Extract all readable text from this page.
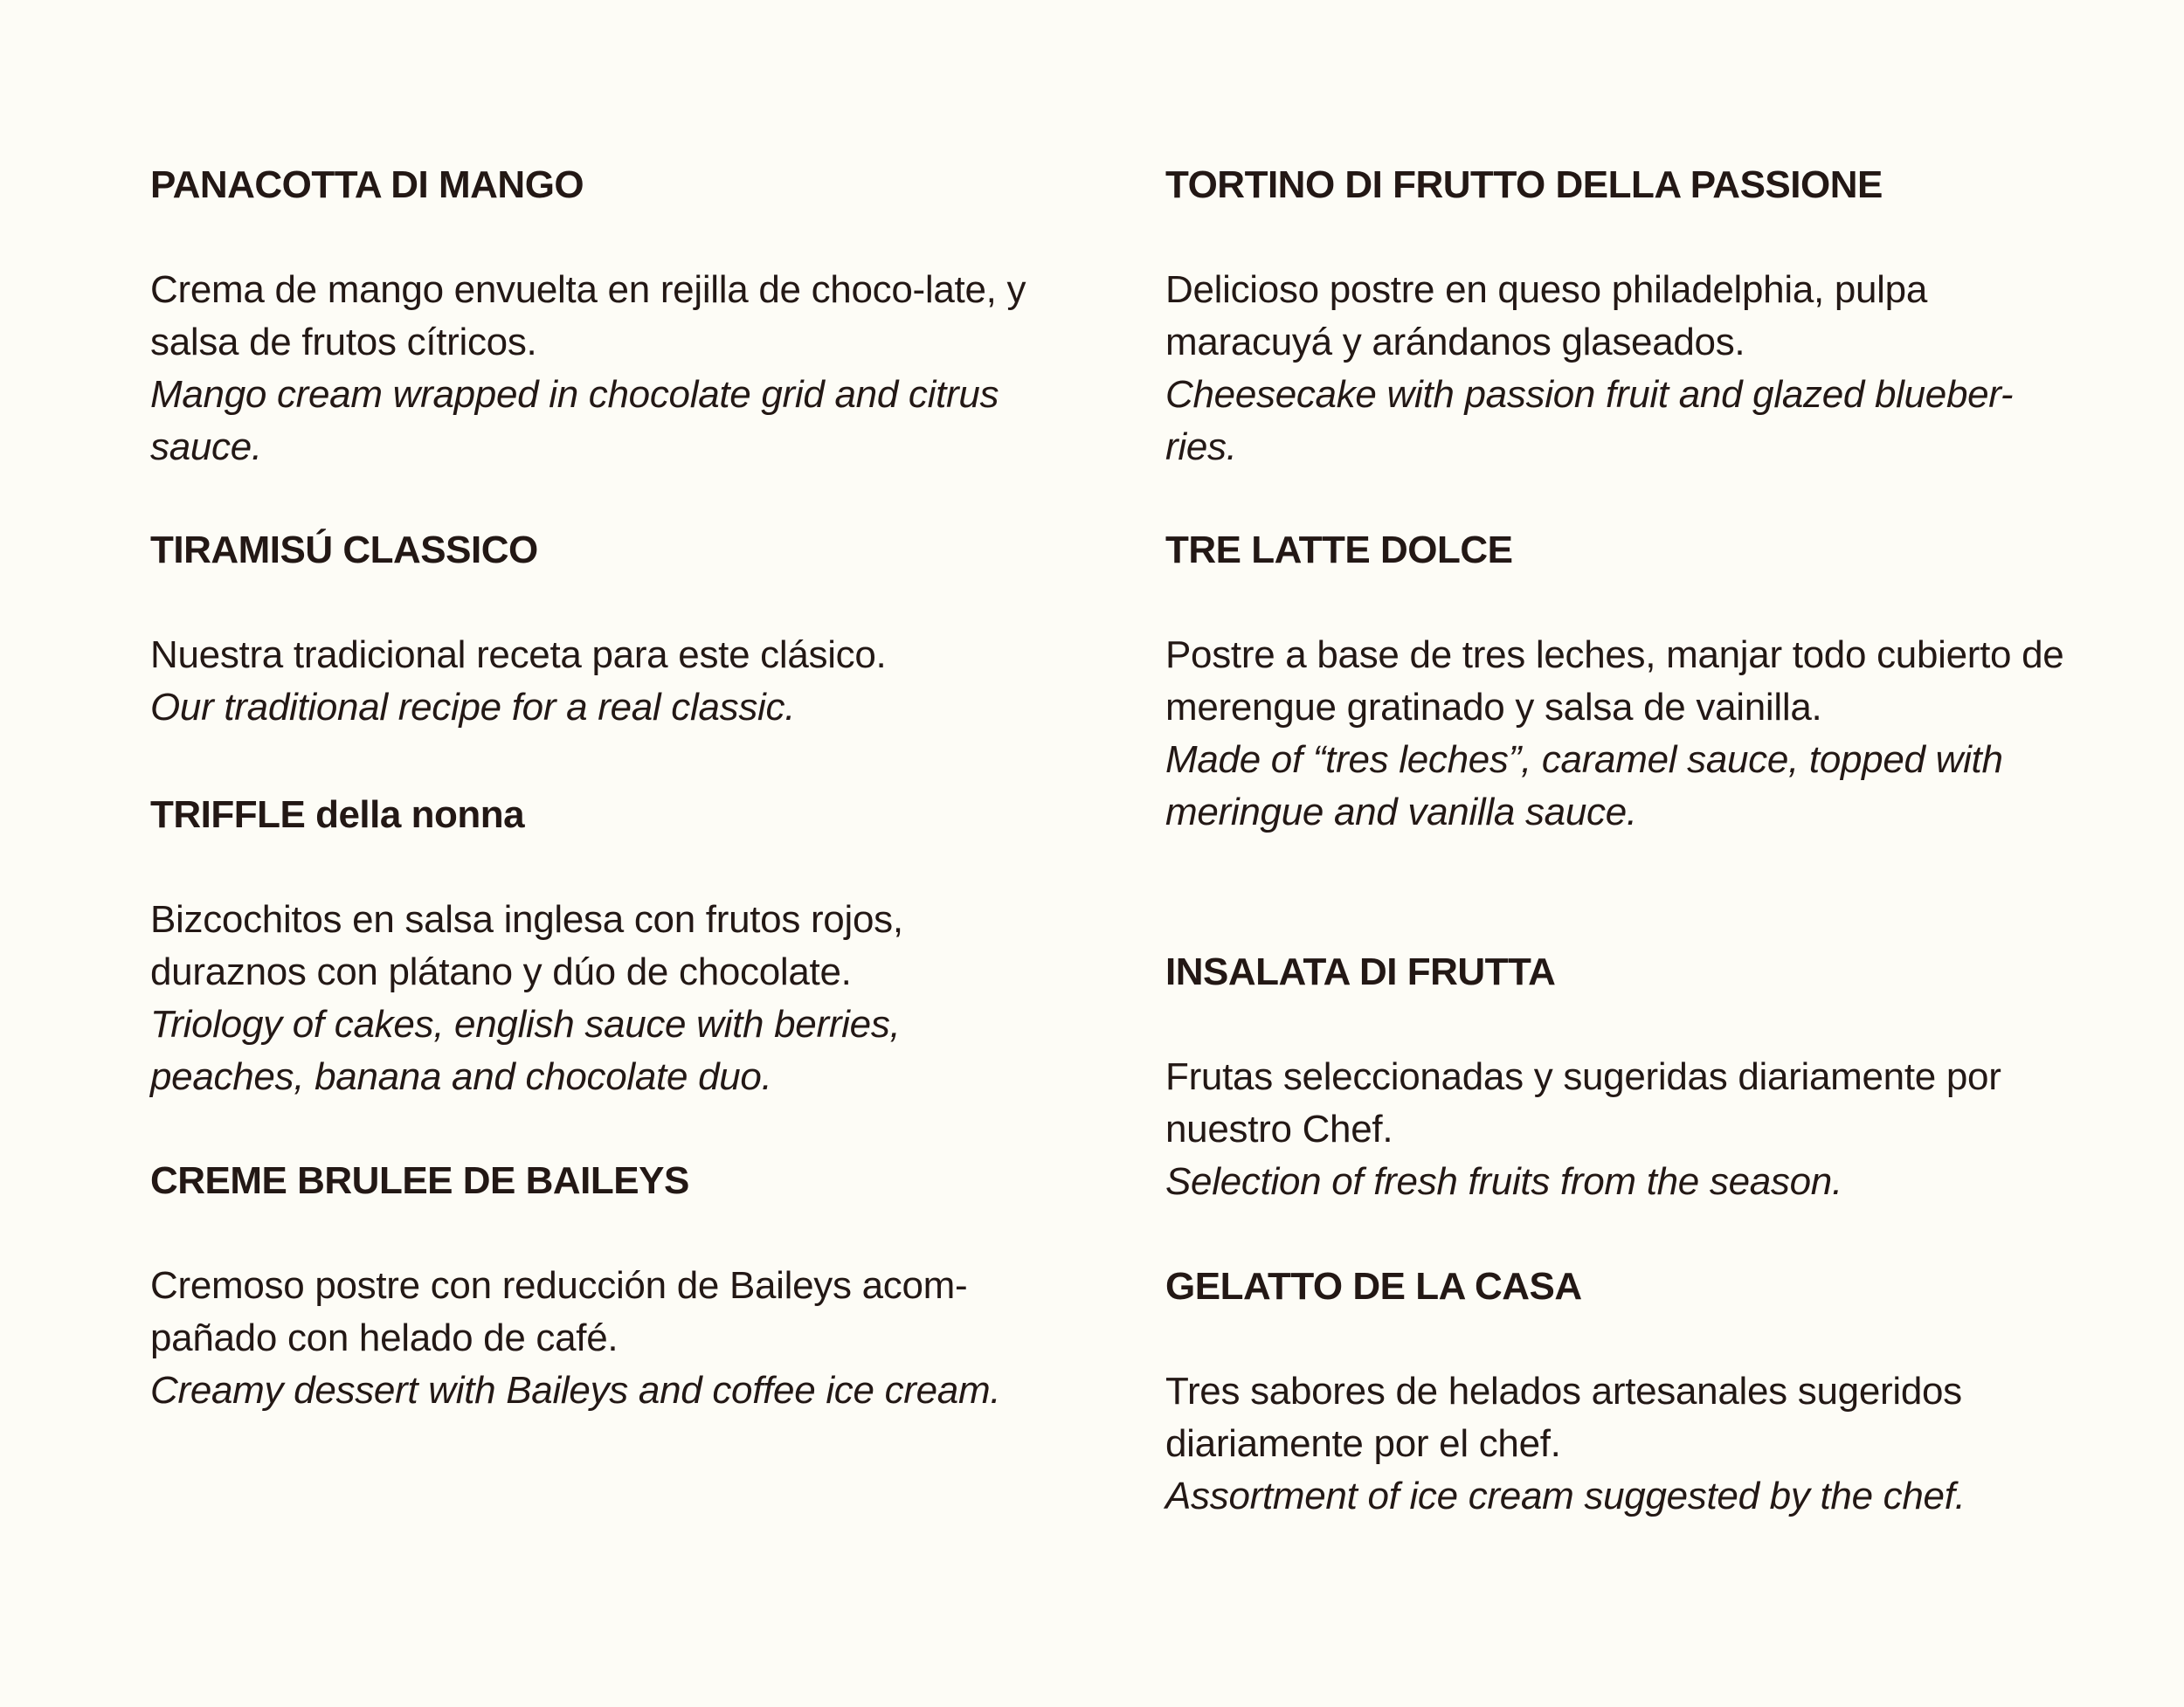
PANACOTTA DI MANGO

Crema de mango envuelta en rejilla de choco-late, y salsa de frutos cítricos.

Mango cream wrapped in chocolate grid and citrus sauce.

TIRAMISÚ CLASSICO

Nuestra tradicional receta para este clásico.

Our traditional recipe for a real classic.

TRIFFLE della nonna

Bizcochitos en salsa inglesa con frutos rojos, duraznos con plátano y dúo de chocolate.

Triology of cakes, english sauce with berries, peaches, banana and chocolate duo.

CREME BRULEE DE BAILEYS

Cremoso postre con reducción de Baileys acom-pañado con helado de café.

Creamy dessert with Baileys and coffee ice cream.

TORTINO DI FRUTTO DELLA PASSIONE

Delicioso postre en queso philadelphia, pulpa maracuyá y arándanos glaseados.

Cheesecake with passion fruit and glazed blueber-ries.

TRE LATTE DOLCE

Postre a base de tres leches, manjar todo cubierto de merengue gratinado y salsa de vainilla.

Made of “tres leches”, caramel sauce, topped with meringue and vanilla sauce.

INSALATA DI FRUTTA

Frutas seleccionadas y sugeridas diariamente por nuestro Chef.

Selection of fresh fruits from the season.

GELATTO DE LA CASA

Tres sabores de helados artesanales sugeridos diariamente por el chef.

Assortment of ice cream suggested by the chef.
